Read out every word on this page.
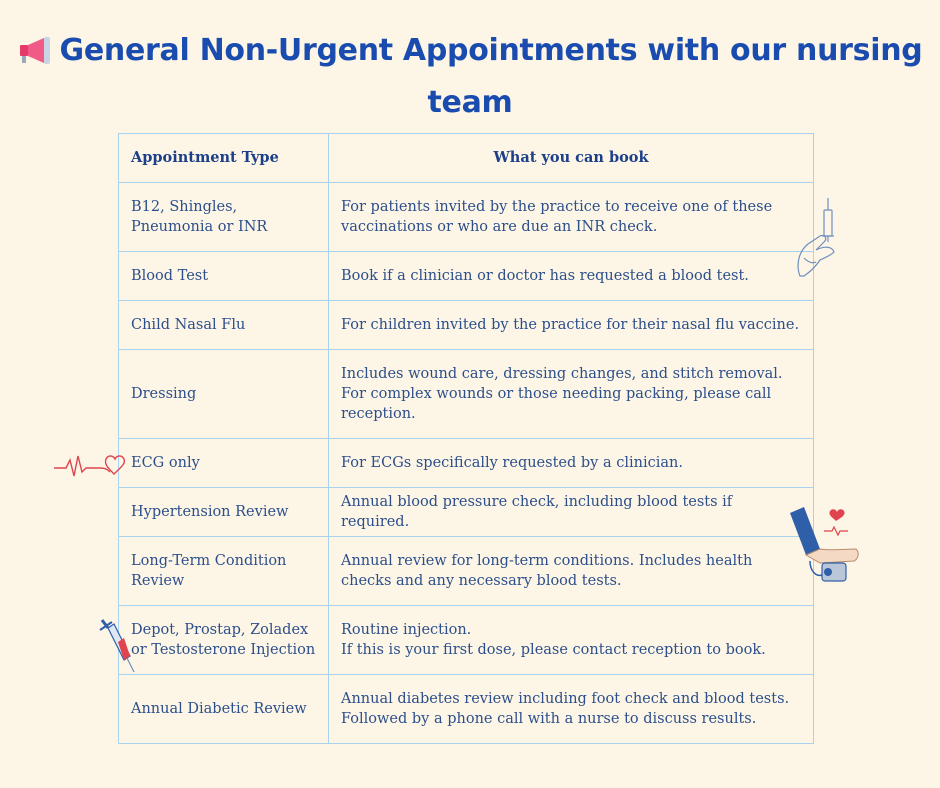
General Non-Urgent Appointments with our nursing
team
Appointment Type	What you can book
B12, Shingles, Pneumonia or INR	For patients invited by the practice to receive one of these vaccinations or who are due an INR check.
Blood Test	Book if a clinician or doctor has requested a blood test.
Child Nasal Flu	For children invited by the practice for their nasal flu vaccine.
Dressing	Includes wound care, dressing changes, and stitch removal.
For complex wounds or those needing packing, please call reception.
ECG only	For ECGs specifically requested by a clinician.
Hypertension Review	Annual blood pressure check, including blood tests if required.
Long-Term Condition Review	Annual review for long-term conditions. Includes health checks and any necessary blood tests.
Depot, Prostap, Zoladex or Testosterone Injection	Routine injection.
If this is your first dose, please contact reception to book.
Annual Diabetic Review	Annual diabetes review including foot check and blood tests.
Followed by a phone call with a nurse to discuss results.
